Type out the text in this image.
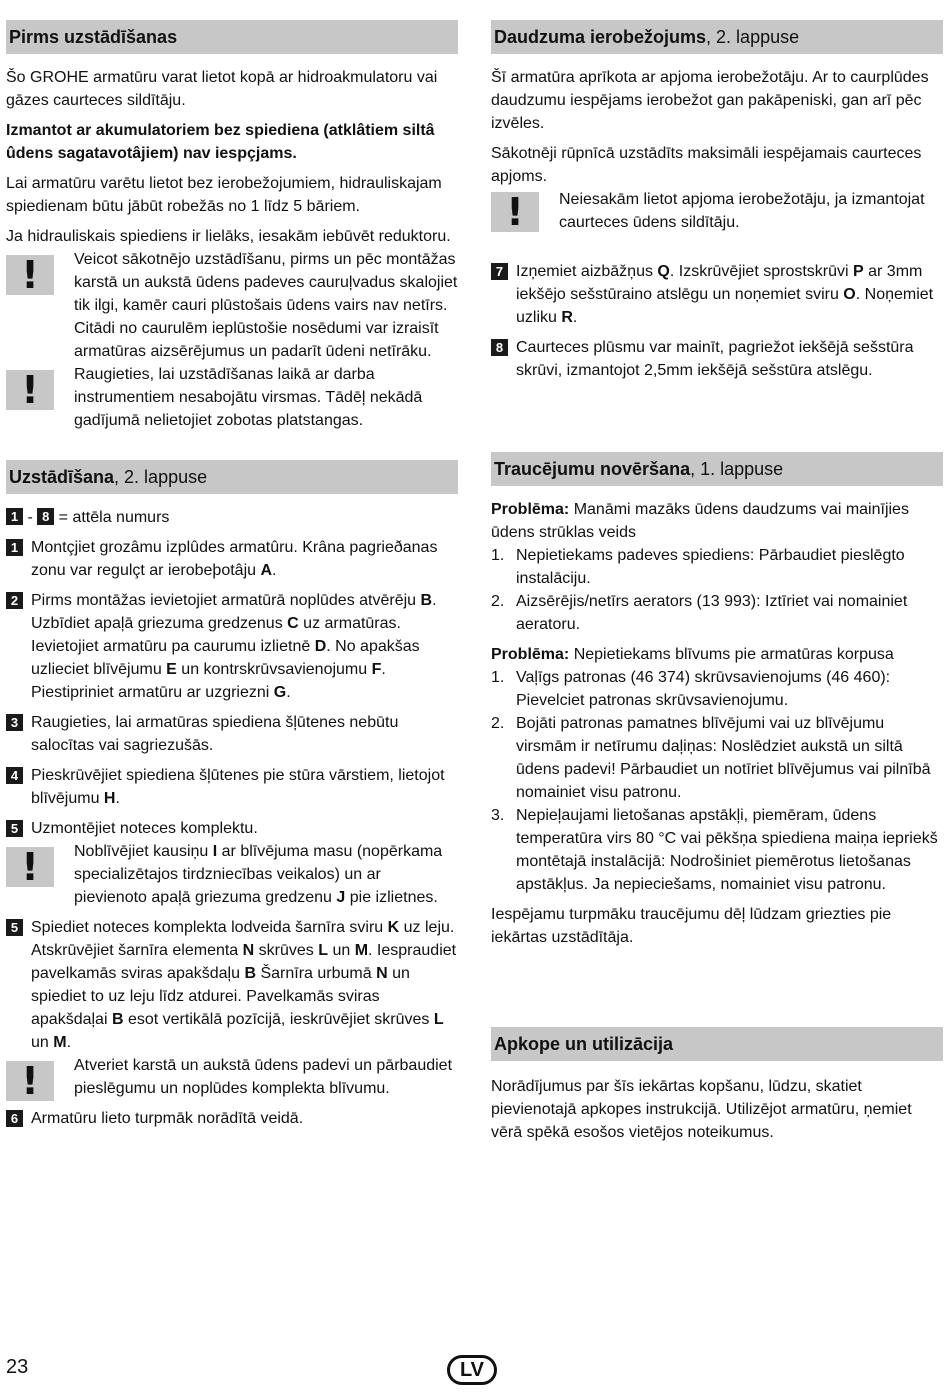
Pirms uzstādīšanas

Šo GROHE armatūru varat lietot kopā ar hidroakmulatoru vai gāzes caurteces sildītāju.

Izmantot ar akumulatoriem bez spiediena (atklâtiem siltâ ûdens sagatavotâjiem) nav iespçjams.

Lai armatūru varētu lietot bez ierobežojumiem, hidrauliskajam spiedienam būtu jābūt robežās no 1 līdz 5 bāriem.

Ja hidrauliskais spiediens ir lielāks, iesakām iebūvēt reduktoru.

!	Veicot sākotnējo uzstādīšanu, pirms un pēc montāžas karstā un aukstā ūdens padeves cauruļvadus skalojiet tik ilgi, kamēr cauri plūstošais ūdens vairs nav netīrs. Citādi no caurulēm ieplūstošie nosēdumi var izraisīt armatūras aizsērējumus un padarīt ūdeni netīrāku.
!	Raugieties, lai uzstādīšanas laikā ar darba instrumentiem nesabojātu virsmas. Tādēļ nekādā gadījumā nelietojiet zobotas platstangas.
Uzstādīšana, 2. lappuse

1 - 8 = attēla numurs

1 Montçjiet grozâmu izplûdes armatûru. Krâna pagrieðanas zonu var regulçt ar ierobeþotâju A.
2 Pirms montāžas ievietojiet armatūrā noplūdes atvērēju B. Uzbīdiet apaļā griezuma gredzenus C uz armatūras. Ievietojiet armatūru pa caurumu izlietnē D. No apakšas uzlieciet blīvējumu E un kontrskrūvsavienojumu F. Piestipriniet armatūru ar uzgriezni G.
3 Raugieties, lai armatūras spiediena šļūtenes nebūtu salocītas vai sagriezušās.
4 Pieskrūvējiet spiediena šļūtenes pie stūra vārstiem, lietojot blīvējumu H.
5 Uzmontējiet noteces komplektu.
!	Noblīvējiet kausiņu I ar blīvējuma masu (nopērkama specializētajos tirdzniecības veikalos) un ar pievienoto apaļā griezuma gredzenu J pie izlietnes.
5 Spiediet noteces komplekta lodveida šarnīra sviru K uz leju. Atskrūvējiet šarnīra elementa N skrūves L un M. Iespraudiet pavelkamās sviras apakšdaļu B Šarnīra urbumā N un spiediet to uz leju līdz atdurei. Pavelkamās sviras apakšdaļai B esot vertikālā pozīcijā, ieskrūvējiet skrūves L un M.
!	Atveriet karstā un aukstā ūdens padevi un pārbaudiet pieslēgumu un noplūdes komplekta blīvumu.
6 Armatūru lieto turpmāk norādītā veidā.
Daudzuma ierobežojums, 2. lappuse

Šī armatūra aprīkota ar apjoma ierobežotāju. Ar to caurplūdes daudzumu iespējams ierobežot gan pakāpeniski, gan arī pēc izvēles.

Sākotnēji rūpnīcā uzstādīts maksimāli iespējamais caurteces apjoms.

!	Neiesakām lietot apjoma ierobežotāju, ja izmantojat caurteces ūdens sildītāju.
7 Izņemiet aizbāžņus Q. Izskrūvējiet sprostskrūvi P ar 3mm iekšējo sešstūraino atslēgu un noņemiet sviru O. Noņemiet uzliku R.
8 Caurteces plūsmu var mainīt, pagriežot iekšējā sešstūra skrūvi, izmantojot 2,5mm iekšējā sešstūra atslēgu.
Traucējumu novēršana, 1. lappuse

Problēma: Manāmi mazāks ūdens daudzums vai mainījies ūdens strūklas veids

1. Nepietiekams padeves spiediens: Pārbaudiet pieslēgto instalāciju.
2. Aizsērējis/netīrs aerators (13 993): Iztīriet vai nomainiet aeratoru.

Problēma: Nepietiekams blīvums pie armatūras korpusa

1. Vaļīgs patronas (46 374) skrūvsavienojums (46 460): Pievelciet patronas skrūvsavienojumu.
2. Bojāti patronas pamatnes blīvējumi vai uz blīvējumu virsmām ir netīrumu daļiņas: Noslēdziet aukstā un siltā ūdens padevi! Pārbaudiet un notīriet blīvējumus vai pilnībā nomainiet visu patronu.
3. Nepieļaujami lietošanas apstākļi, piemēram, ūdens temperatūra virs 80 °C vai pēkšņa spiediena maiņa iepriekš montētajā instalācijā: Nodrošiniet piemērotus lietošanas apstākļus. Ja nepieciešams, nomainiet visu patronu.

Iespējamu turpmāku traucējumu dēļ lūdzam griezties pie iekārtas uzstādītāja.

Apkope un utilizācija

Norādījumus par šīs iekārtas kopšanu, lūdzu, skatiet pievienotajā apkopes instrukcijā. Utilizējot armatūru, ņemiet vērā spēkā esošos vietējos noteikumus.

23	LV
